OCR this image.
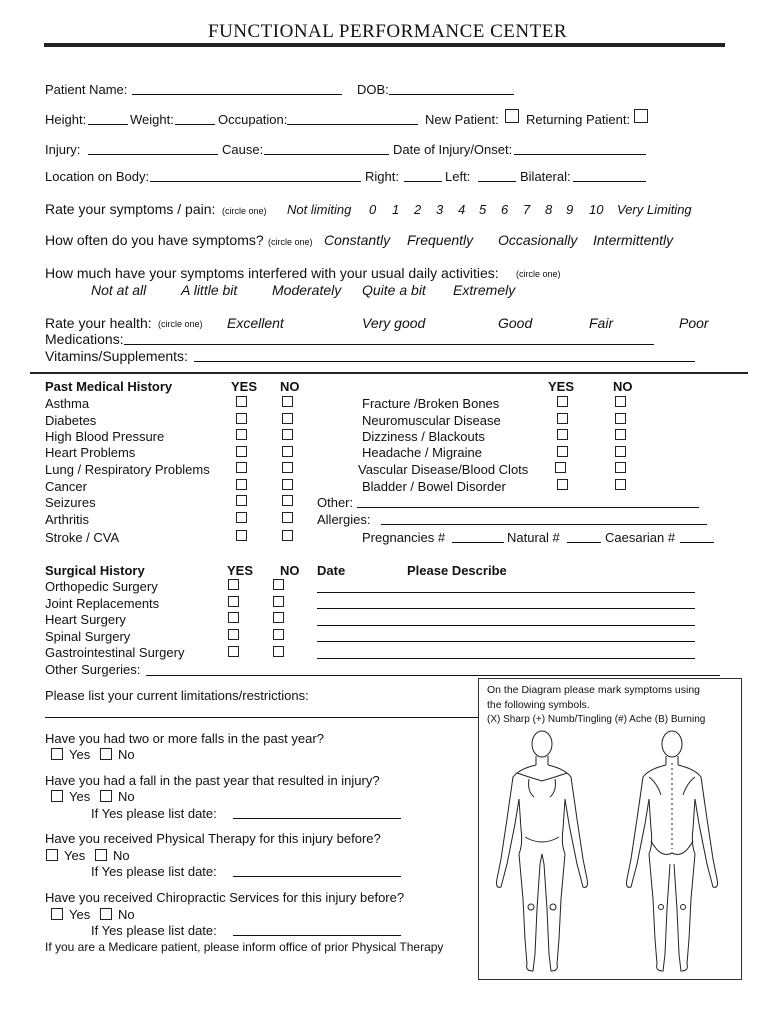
FUNCTIONAL PERFORMANCE CENTER
Patient Name:	DOB:
Height:	Weight:	Occupation:	New Patient: Returning Patient:
Injury:	Cause:	Date of Injury/Onset:
Location on Body:	Right:	Left:	Bilateral:
Rate your symptoms / pain: (circle one) Not limiting 0 1 2 3 4 5 6 7 8 9 10 Very Limiting
How often do you have symptoms? (circle one) Constantly Frequently Occasionally Intermittently
How much have your symptoms interfered with your usual daily activities: (circle one)
Not at all A little bit Moderately Quite a bit Extremely
Rate your health: (circle one) Excellent	Very good	Good	Fair	Poor
Medications:
Vitamins/Supplements:
Past Medical History	YES NO	YES	NO
Asthma
Diabetes
High Blood Pressure
Heart Problems
Lung / Respiratory Problems
Cancer
Seizures
Arthritis
Stroke / CVA
Fracture /Broken Bones
Neuromuscular Disease
Dizziness / Blackouts
Headache / Migraine
Vascular Disease/Blood Clots
Bladder / Bowel Disorder
Other:
Allergies:
Pregnancies #	Natural #	Caesarian #
Surgical History	YES NO Date	Please Describe
Orthopedic Surgery
Joint Replacements
Heart Surgery
Spinal Surgery
Gastrointestinal Surgery
Other Surgeries:
Please list your current limitations/restrictions:
Have you had two or more falls in the past year?
Yes No
Have you had a fall in the past year that resulted in injury?
Yes No
If Yes please list date:
Have you received Physical Therapy for this injury before?
Yes No
If Yes please list date:
Have you received Chiropractic Services for this injury before?
Yes No
If Yes please list date:
If you are a Medicare patient, please inform office of prior Physical Therapy
On the Diagram please mark symptoms using
the following symbols.
(X) Sharp (+) Numb/Tingling (#) Ache (B) Burning
